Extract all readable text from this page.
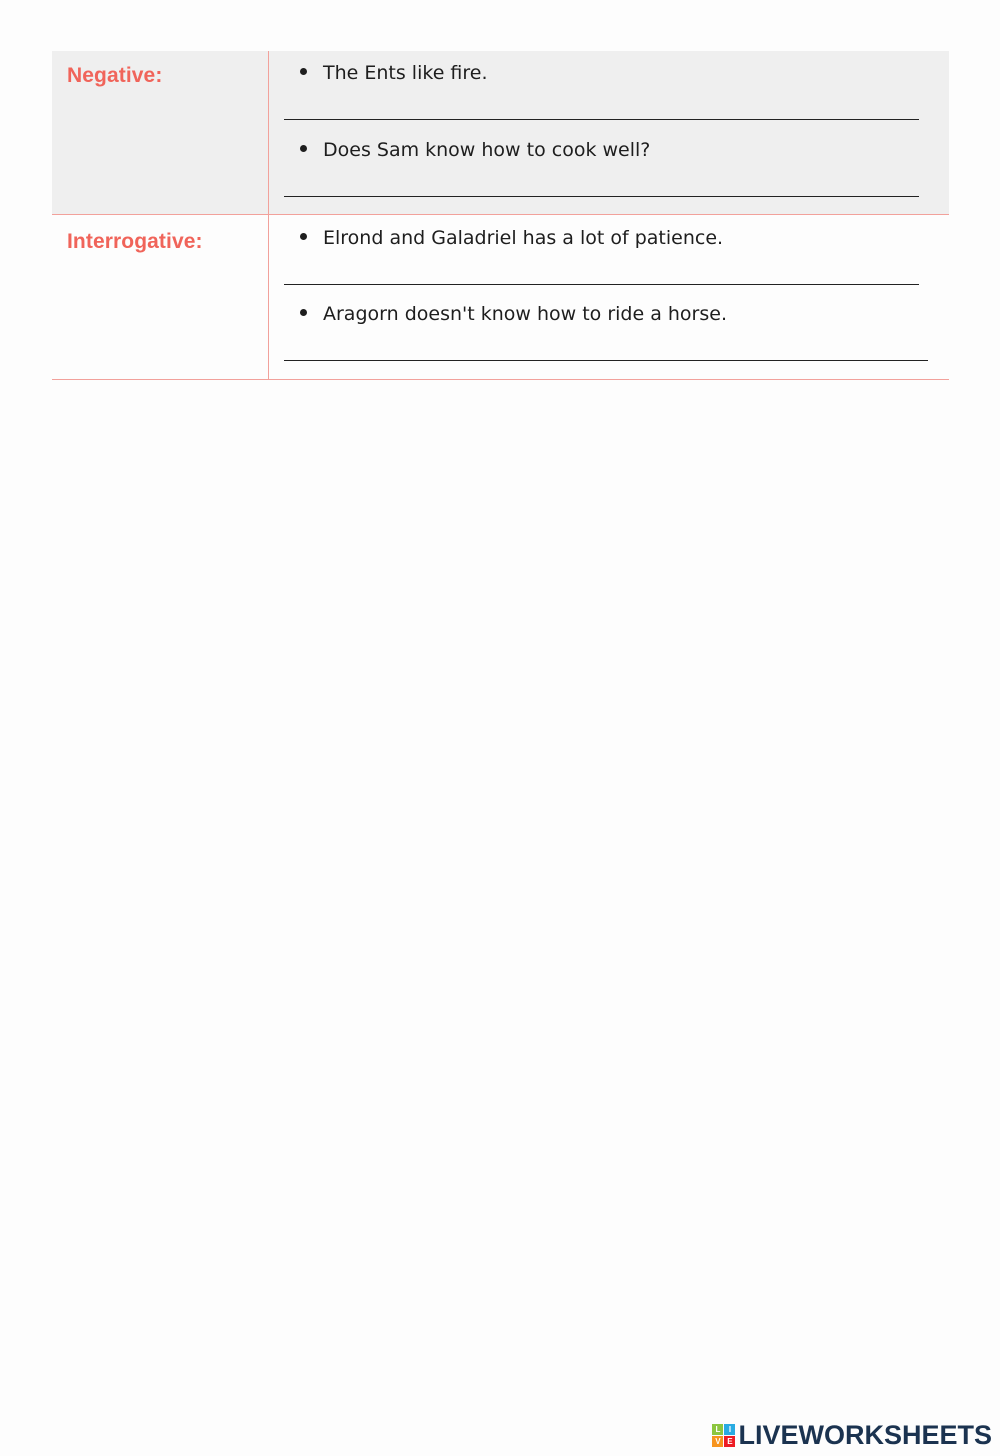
Negative:	The Ents like fire.
Does Sam know how to cook well?
Interrogative:	Elrond and Galadriel has a lot of patience.
Aragorn doesn't know how to ride a horse.
L	I
V E LIVEWORKSHEETS
